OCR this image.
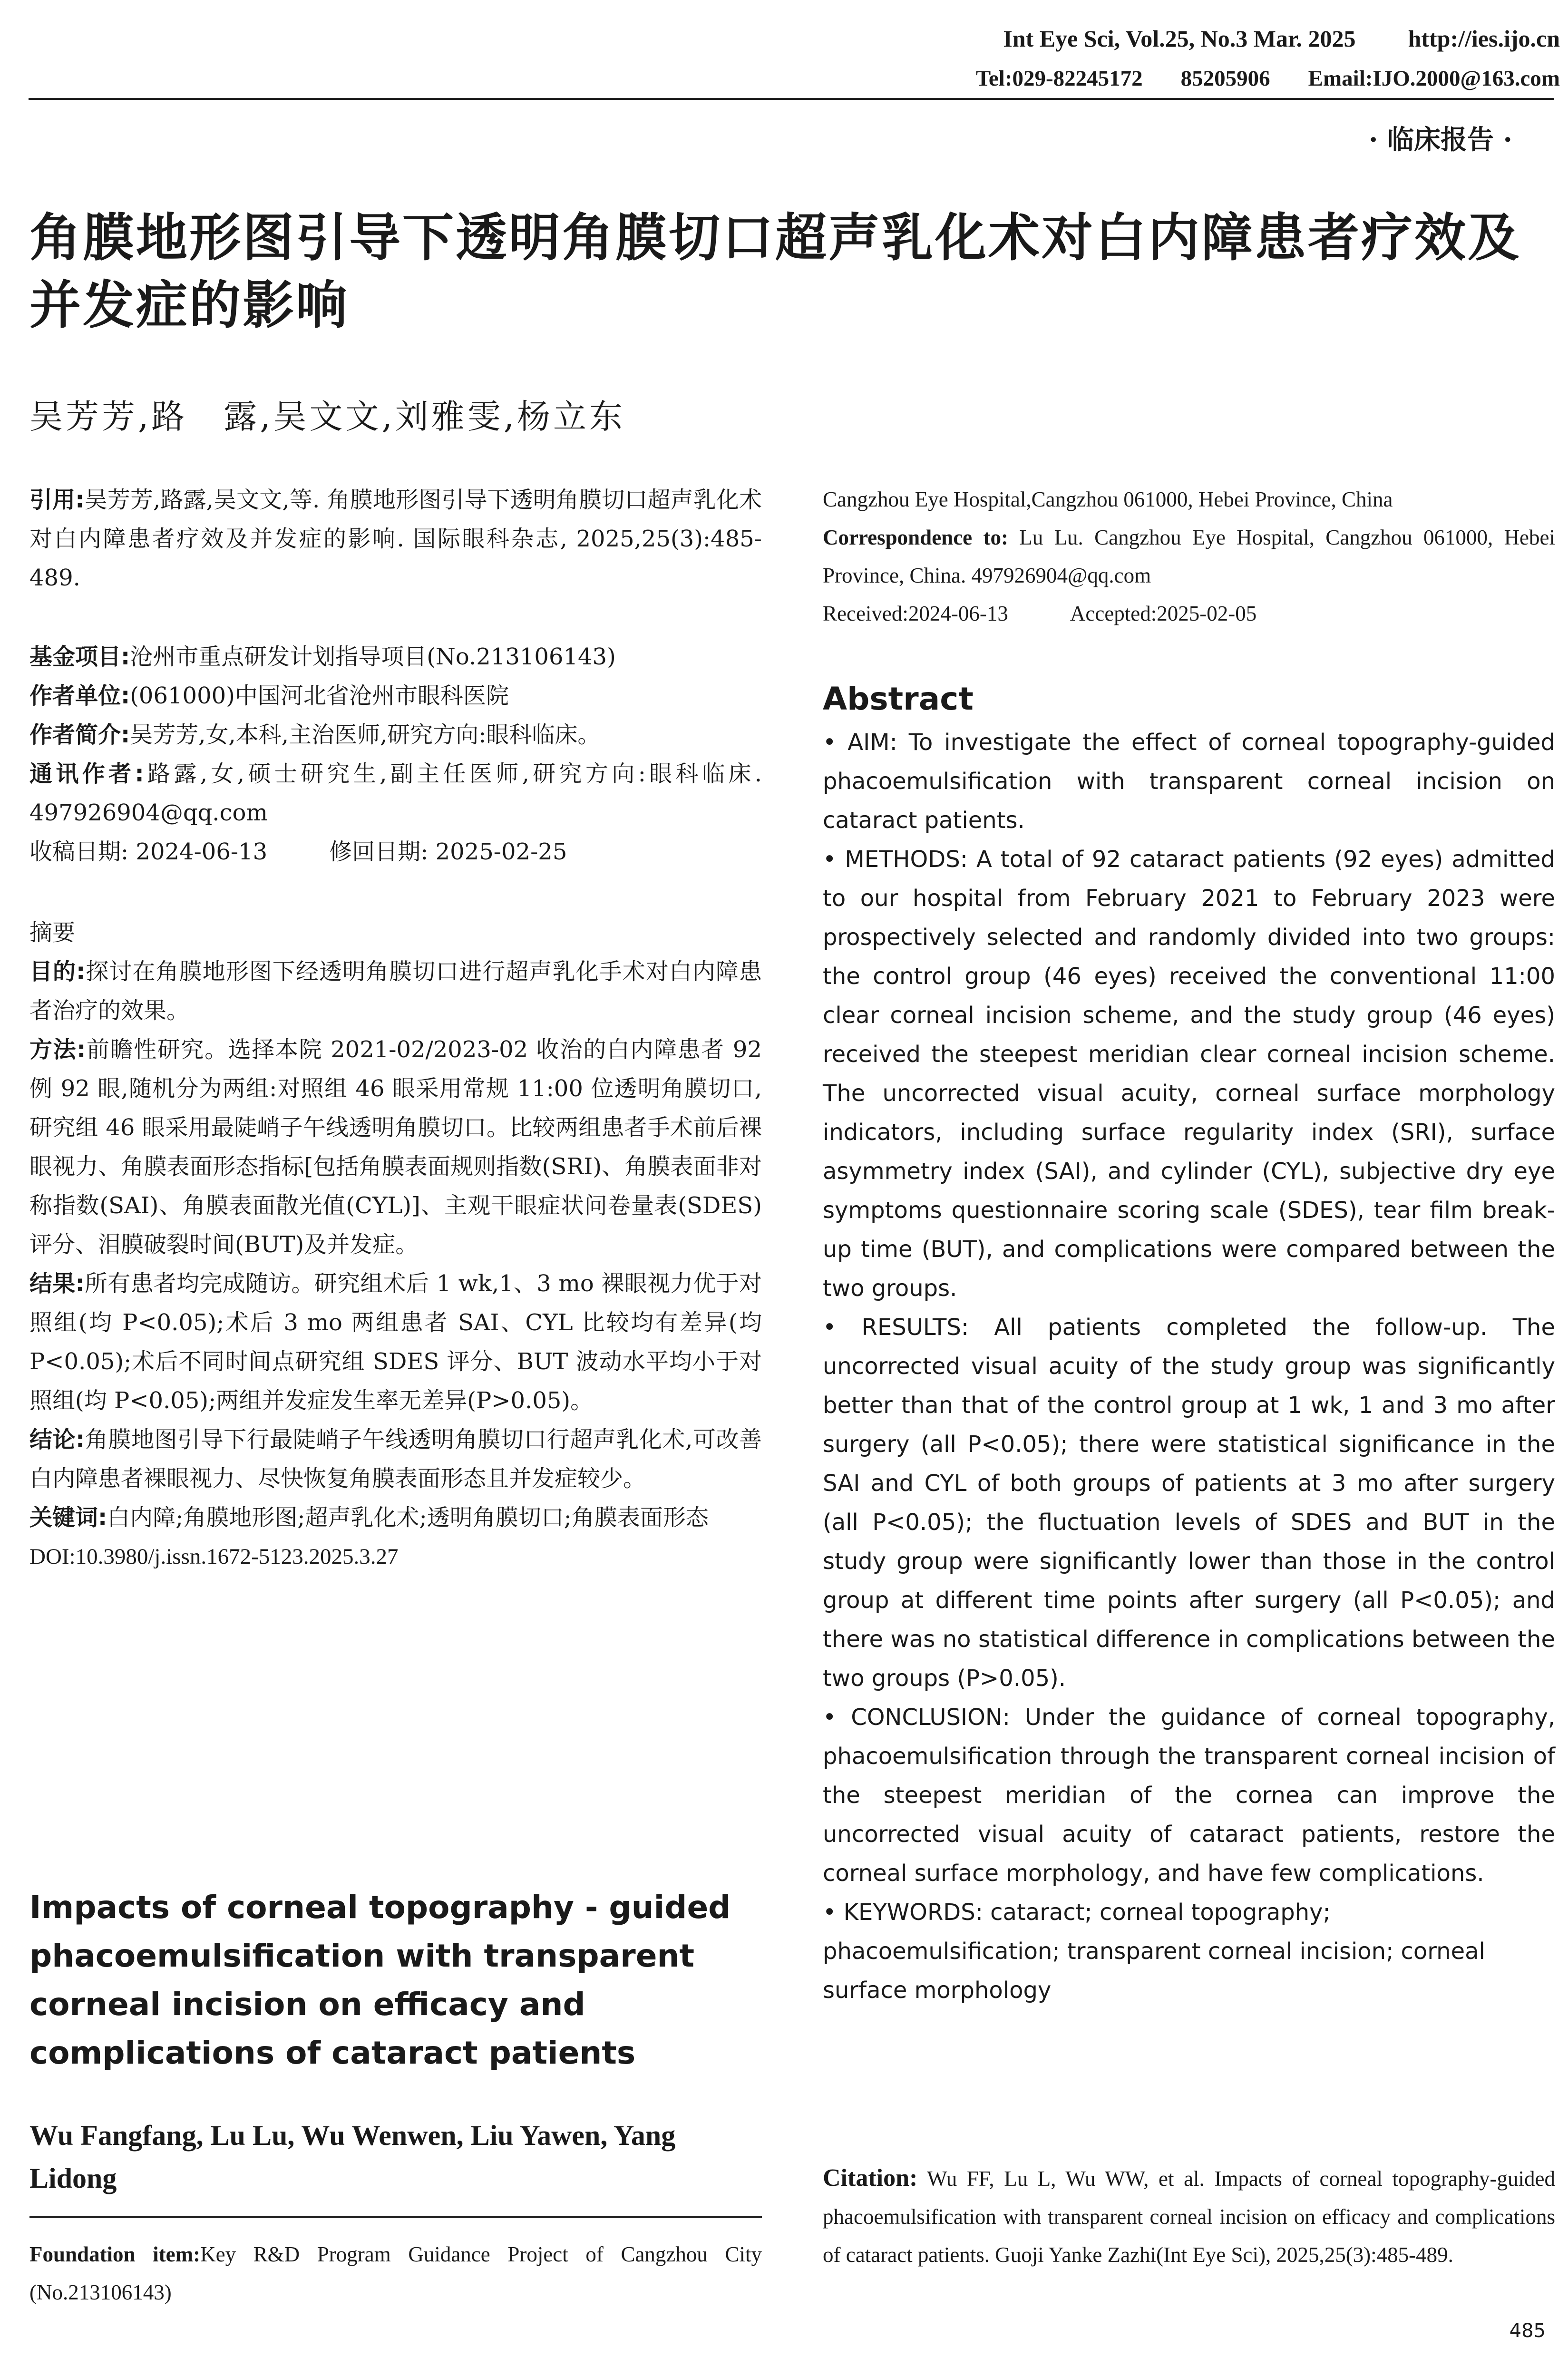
Int Eye Sci, Vol.25, No.3 Mar. 2025 http://ies.ijo.cn
Tel:029-82245172 85205906 Email:IJO.2000@163.com
· 临床报告 ·
角膜地形图引导下透明角膜切口超声乳化术对白内障患者疗效及并发症的影响
吴芳芳,路　露,吴文文,刘雅雯,杨立东

引用:吴芳芳,路露,吴文文,等. 角膜地形图引导下透明角膜切口超声乳化术对白内障患者疗效及并发症的影响. 国际眼科杂志, 2025,25(3):485-489.

基金项目:沧州市重点研发计划指导项目(No.213106143)

作者单位:(061000)中国河北省沧州市眼科医院

作者简介:吴芳芳,女,本科,主治医师,研究方向:眼科临床。

通讯作者:路露,女,硕士研究生,副主任医师,研究方向:眼科临床. 497926904@qq.com

收稿日期: 2024-06-13	修回日期: 2025-02-25

摘要

目的:探讨在角膜地形图下经透明角膜切口进行超声乳化手术对白内障患者治疗的效果。

方法:前瞻性研究。选择本院 2021-02/2023-02 收治的白内障患者 92 例 92 眼,随机分为两组:对照组 46 眼采用常规 11:00 位透明角膜切口,研究组 46 眼采用最陡峭子午线透明角膜切口。比较两组患者手术前后裸眼视力、角膜表面形态指标[包括角膜表面规则指数(SRI)、角膜表面非对称指数(SAI)、角膜表面散光值(CYL)]、主观干眼症状问卷量表(SDES)评分、泪膜破裂时间(BUT)及并发症。

结果:所有患者均完成随访。研究组术后 1 wk,1、3 mo 裸眼视力优于对照组(均 P<0.05);术后 3 mo 两组患者 SAI、CYL 比较均有差异(均 P<0.05);术后不同时间点研究组 SDES 评分、BUT 波动水平均小于对照组(均 P<0.05);两组并发症发生率无差异(P>0.05)。

结论:角膜地图引导下行最陡峭子午线透明角膜切口行超声乳化术,可改善白内障患者裸眼视力、尽快恢复角膜表面形态且并发症较少。

关键词:白内障;角膜地形图;超声乳化术;透明角膜切口;角膜表面形态

DOI:10.3980/j.issn.1672-5123.2025.3.27

Impacts of corneal topography - guided phacoemulsification with transparent corneal incision on efficacy and complications of cataract patients
Wu Fangfang, Lu Lu, Wu Wenwen, Liu Yawen, Yang Lidong
Foundation item:Key R&D Program Guidance Project of Cangzhou City (No.213106143)

Cangzhou Eye Hospital,Cangzhou 061000, Hebei Province, China

Correspondence to: Lu Lu. Cangzhou Eye Hospital, Cangzhou 061000, Hebei Province, China. 497926904@qq.com

Received:2024-06-13	Accepted:2025-02-05

Abstract

• AIM: To investigate the effect of corneal topography-guided phacoemulsification with transparent corneal incision on cataract patients.

• METHODS: A total of 92 cataract patients (92 eyes) admitted to our hospital from February 2021 to February 2023 were prospectively selected and randomly divided into two groups: the control group (46 eyes) received the conventional 11:00 clear corneal incision scheme, and the study group (46 eyes) received the steepest meridian clear corneal incision scheme. The uncorrected visual acuity, corneal surface morphology indicators, including surface regularity index (SRI), surface asymmetry index (SAI), and cylinder (CYL), subjective dry eye symptoms questionnaire scoring scale (SDES), tear film break-up time (BUT), and complications were compared between the two groups.

• RESULTS: All patients completed the follow-up. The uncorrected visual acuity of the study group was significantly better than that of the control group at 1 wk, 1 and 3 mo after surgery (all P<0.05); there were statistical significance in the SAI and CYL of both groups of patients at 3 mo after surgery (all P<0.05); the fluctuation levels of SDES and BUT in the study group were significantly lower than those in the control group at different time points after surgery (all P<0.05); and there was no statistical difference in complications between the two groups (P>0.05).

• CONCLUSION: Under the guidance of corneal topography, phacoemulsification through the transparent corneal incision of the steepest meridian of the cornea can improve the uncorrected visual acuity of cataract patients, restore the corneal surface morphology, and have few complications.

• KEYWORDS: cataract; corneal topography; phacoemulsification; transparent corneal incision; corneal surface morphology

Citation: Wu FF, Lu L, Wu WW, et al. Impacts of corneal topography-guided phacoemulsification with transparent corneal incision on efficacy and complications of cataract patients. Guoji Yanke Zazhi(Int Eye Sci), 2025,25(3):485-489.
485
